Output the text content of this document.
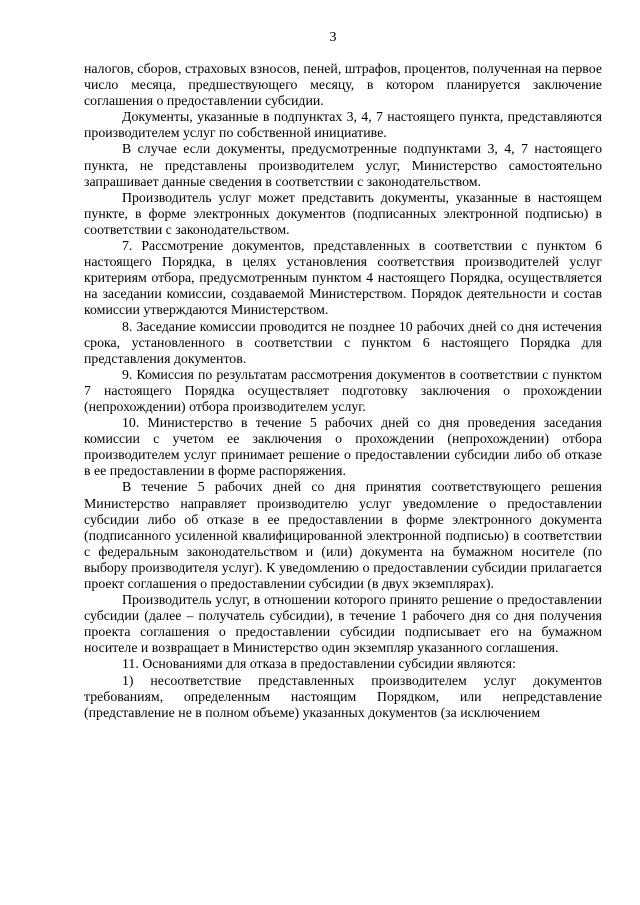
3

налогов, сборов, страховых взносов, пеней, штрафов, процентов, полученная на первое число месяца, предшествующего месяцу, в котором планируется заключение соглашения о предоставлении субсидии.

Документы, указанные в подпунктах 3, 4, 7 настоящего пункта, представляются производителем услуг по собственной инициативе.

В случае если документы, предусмотренные подпунктами 3, 4, 7 настоящего пункта, не представлены производителем услуг, Министерство самостоятельно запрашивает данные сведения в соответствии с законодательством.

Производитель услуг может представить документы, указанные в настоящем пункте, в форме электронных документов (подписанных электронной подписью) в соответствии с законодательством.

7. Рассмотрение документов, представленных в соответствии с пунктом 6 настоящего Порядка, в целях установления соответствия производителей услуг критериям отбора, предусмотренным пунктом 4 настоящего Порядка, осуществляется на заседании комиссии, создаваемой Министерством. Порядок деятельности и состав комиссии утверждаются Министерством.

8. Заседание комиссии проводится не позднее 10 рабочих дней со дня истечения срока, установленного в соответствии с пунктом 6 настоящего Порядка для представления документов.

9. Комиссия по результатам рассмотрения документов в соответствии с пунктом 7 настоящего Порядка осуществляет подготовку заключения о прохождении (непрохождении) отбора производителем услуг.

10. Министерство в течение 5 рабочих дней со дня проведения заседания комиссии с учетом ее заключения о прохождении (непрохождении) отбора производителем услуг принимает решение о предоставлении субсидии либо об отказе в ее предоставлении в форме распоряжения.

В течение 5 рабочих дней со дня принятия соответствующего решения Министерство направляет производителю услуг уведомление о предоставлении субсидии либо об отказе в ее предоставлении в форме электронного документа (подписанного усиленной квалифицированной электронной подписью) в соответствии с федеральным законодательством и (или) документа на бумажном носителе (по выбору производителя услуг). К уведомлению о предоставлении субсидии прилагается проект соглашения о предоставлении субсидии (в двух экземплярах).

Производитель услуг, в отношении которого принято решение о предоставлении субсидии (далее – получатель субсидии), в течение 1 рабочего дня со дня получения проекта соглашения о предоставлении субсидии подписывает его на бумажном носителе и возвращает в Министерство один экземпляр указанного соглашения.

11. Основаниями для отказа в предоставлении субсидии являются:

1) несоответствие представленных производителем услуг документов требованиям, определенным настоящим Порядком, или непредставление (представление не в полном объеме) указанных документов (за исключением
